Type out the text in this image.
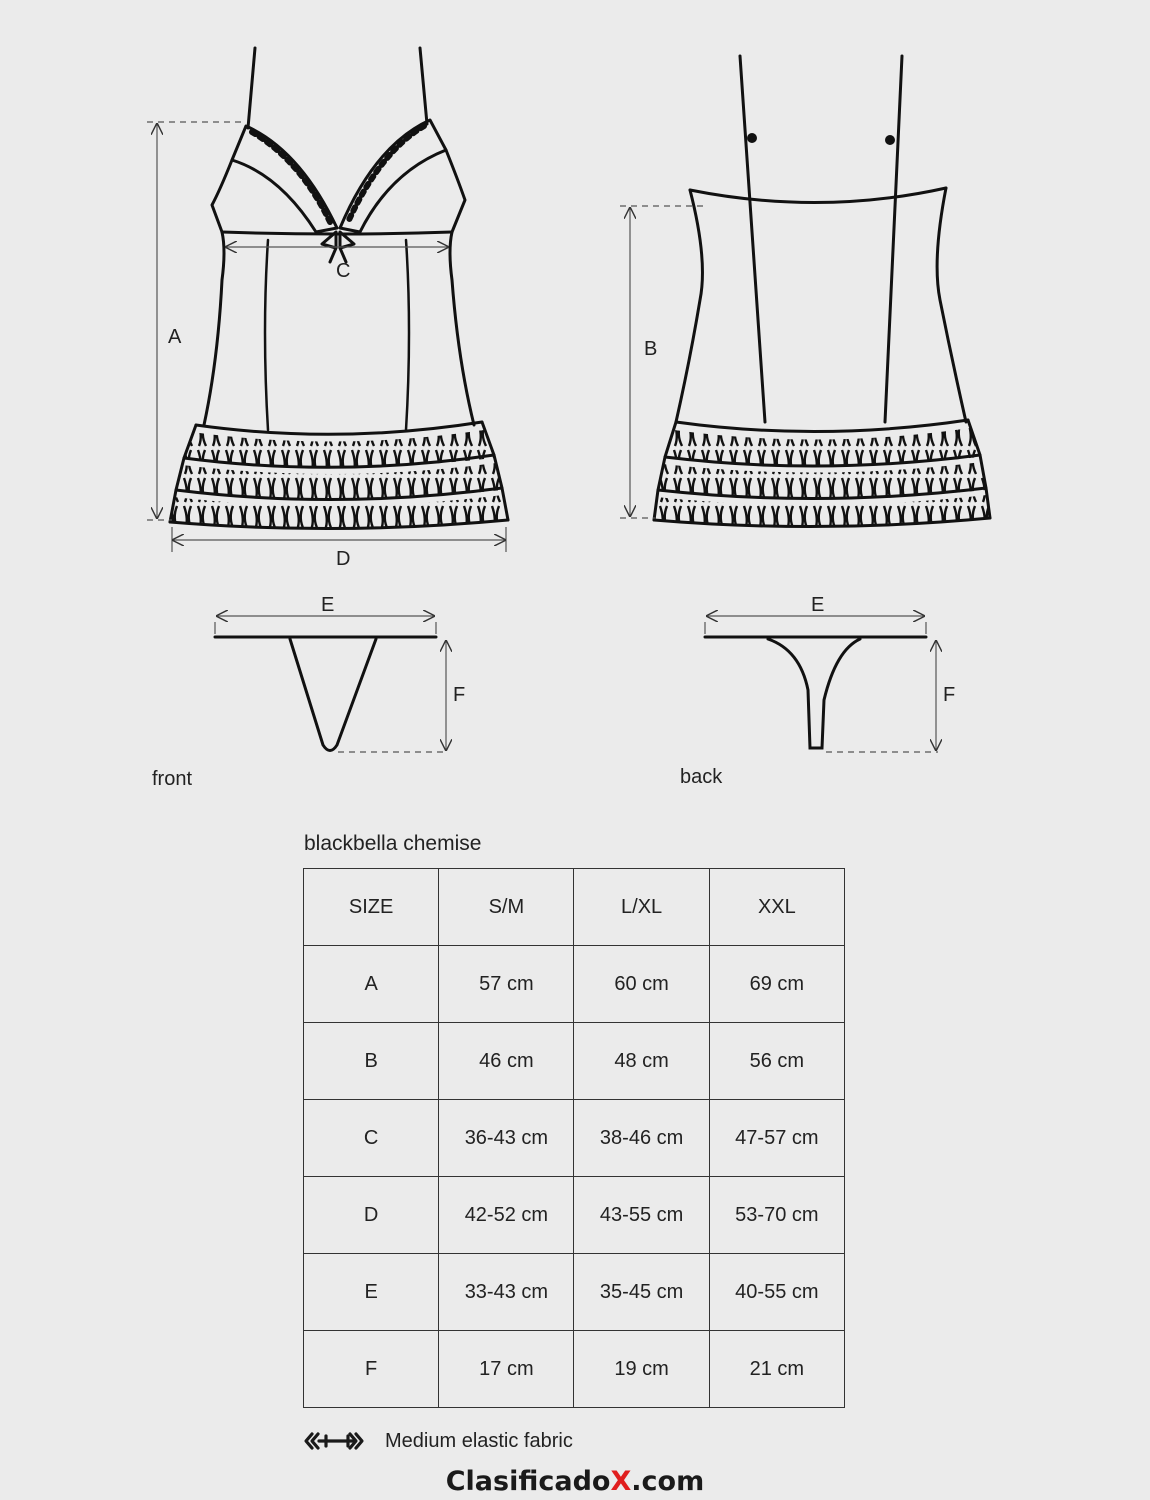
A
C
D
B
E
F
E
F
front	back
blackbella chemise
SIZE	S/M	L/XL	XXL
A	57 cm	60 cm	69 cm
B	46 cm	48 cm	56 cm
C	36-43 cm	38-46 cm	47-57 cm
D	42-52 cm	43-55 cm	53-70 cm
E	33-43 cm	35-45 cm	40-55 cm
F	17 cm	19 cm	21 cm
Medium elastic fabric
ClasificadoX.com
